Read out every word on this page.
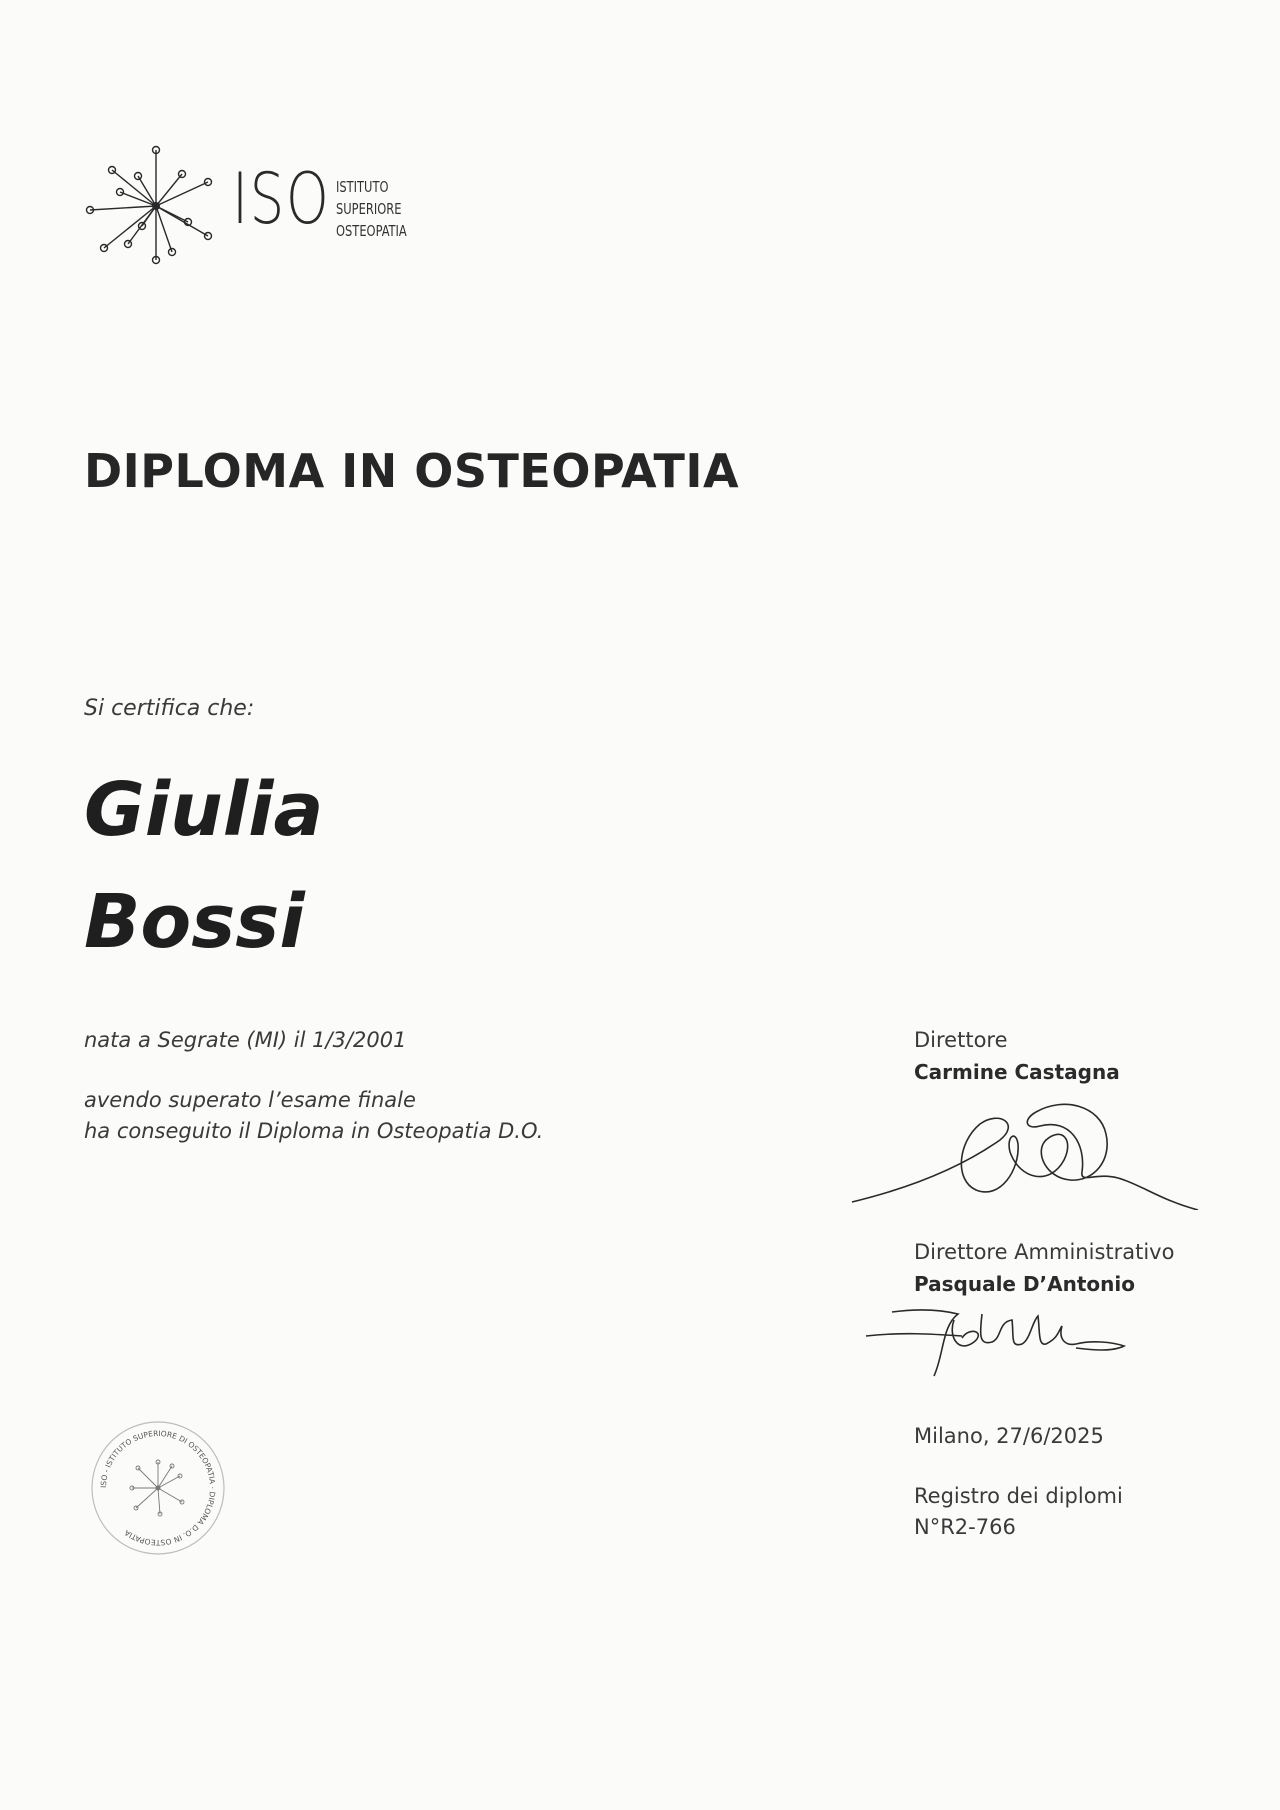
ISO ISTITUTO
SUPERIORE
OSTEOPATIA
DIPLOMA IN OSTEOPATIA
Si certifica che:
Giulia
Bossi
nata a Segrate (MI) il 1/3/2001
avendo superato l’esame finale
ha conseguito il Diploma in Osteopatia D.O.
Direttore
Carmine Castagna
Direttore Amministrativo
Pasquale D’Antonio
Milano, 27/6/2025
Registro dei diplomi
N°R2-766
ISO - ISTITUTO SUPERIORE DI OSTEOPATIA · DIPLOMA D.O. IN OSTEOPATIA
